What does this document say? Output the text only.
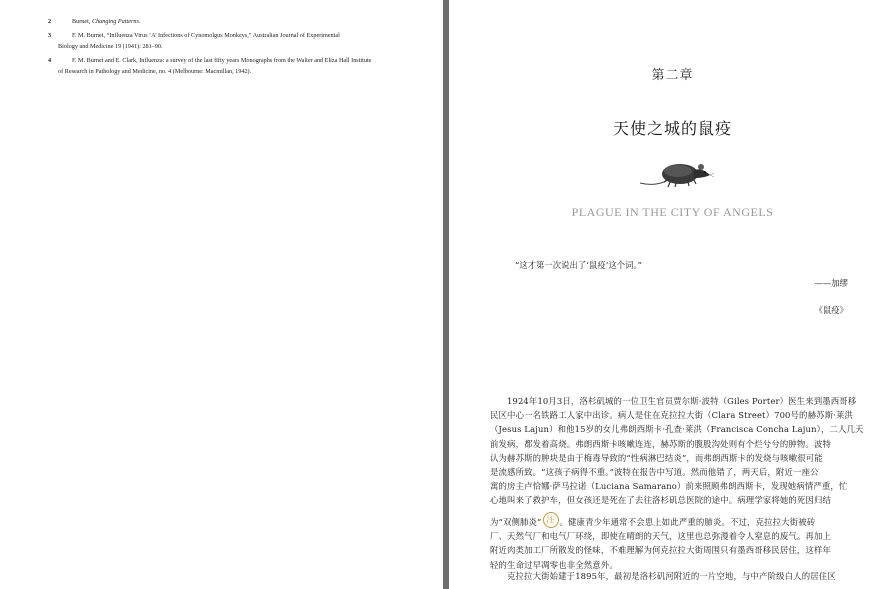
2	Burnet, Changing Patterns.
3	F. M. Burnet, “Influenza Virus ‘A’ Infections of Cynomolgus Monkeys,” Australian Journal of Experimental
Biology and Medicine 19 (1941): 281–90.
4	F. M. Burnet and E. Clark, Influenza: a survey of the last fifty years Monographs from the Walter and Eliza Hall Institute
of Research in Pathology and Medicine, no. 4 (Melbourne: Macmillan, 1942).	第二章
天使之城的鼠疫
PLAGUE IN THE CITY OF ANGELS
“这才第一次说出了‘鼠疫’这个词。”
——加缪
《鼠疫》
1924年10月3日，洛杉矶城的一位卫生官员贾尔斯·波特（Giles Porter）医生来到墨西哥移
民区中心一名铁路工人家中出诊。病人是住在克拉拉大街（Clara Street）700号的赫苏斯·莱洪
（Jesus Lajun）和他15岁的女儿弗朗西斯卡·孔查·莱洪（Francisca Concha Lajun），二人几天
前发病，都发着高烧。弗朗西斯卡咳嗽连连，赫苏斯的腹股沟处则有个烂兮兮的肿物。波特
认为赫苏斯的肿块是由于梅毒导致的“性病淋巴结炎”，而弗朗西斯卡的发烧与咳嗽很可能
是流感所致。“这孩子病得不重。”波特在报告中写道。然而他错了，两天后，附近一座公
寓的房主卢恰娜·萨马拉诺（Luciana Samarano）前来照顾弗朗西斯卡，发现她病情严重，忙
心地叫来了救护车，但女孩还是死在了去往洛杉矶总医院的途中。病理学家将她的死因归结
为“双侧肺炎” 注 。健康青少年通常不会患上如此严重的肺炎。不过，克拉拉大街被砖
厂、天然气厂和电气厂环绕，即使在晴朗的天气，这里也总弥漫着令人窒息的废气。再加上
附近肉类加工厂所散发的怪味，不难理解为何克拉拉大街周围只有墨西哥移民居住，这样年
轻的生命过早凋零也非全然意外。
克拉拉大街始建于1895年，最初是洛杉矶河附近的一片空地，与中产阶级白人的居住区
